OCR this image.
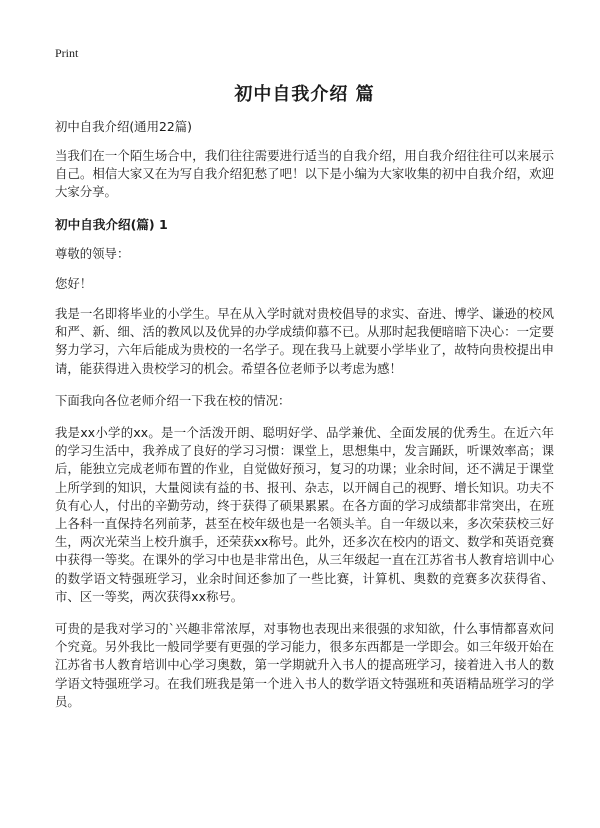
Print
初中自我介绍 篇
初中自我介绍(通用22篇)

当我们在一个陌生场合中，我们往往需要进行适当的自我介绍，用自我介绍往往可以来展示自己。相信大家又在为写自我介绍犯愁了吧！以下是小编为大家收集的初中自我介绍，欢迎大家分享。

初中自我介绍(篇) 1

尊敬的领导：

您好！

我是一名即将毕业的小学生。早在从入学时就对贵校倡导的求实、奋进、博学、谦逊的校风和严、新、细、活的教风以及优异的办学成绩仰慕不已。从那时起我便暗暗下决心：一定要努力学习，六年后能成为贵校的一名学子。现在我马上就要小学毕业了，故特向贵校提出申请，能获得进入贵校学习的机会。希望各位老师予以考虑为感！

下面我向各位老师介绍一下我在校的情况：

我是xx小学的xx。是一个活泼开朗、聪明好学、品学兼优、全面发展的优秀生。在近六年的学习生活中，我养成了良好的学习习惯：课堂上，思想集中，发言踊跃，听课效率高；课后，能独立完成老师布置的作业，自觉做好预习，复习的功课；业余时间，还不满足于课堂上所学到的知识，大量阅读有益的书、报刊、杂志，以开阔自己的视野、增长知识。功夫不负有心人，付出的辛勤劳动，终于获得了硕果累累。在各方面的学习成绩都非常突出，在班上各科一直保持名列前茅，甚至在校年级也是一名领头羊。自一年级以来，多次荣获校三好生，两次光荣当上校升旗手，还荣获xx称号。此外，还多次在校内的语文、数学和英语竞赛中获得一等奖。在课外的学习中也是非常出色，从三年级起一直在江苏省书人教育培训中心的数学语文特强班学习，业余时间还参加了一些比赛，计算机、奥数的竞赛多次获得省、市、区一等奖，两次获得xx称号。

可贵的是我对学习的`兴趣非常浓厚，对事物也表现出来很强的求知欲，什么事情都喜欢问个究竟。另外我比一般同学要有更强的学习能力，很多东西都是一学即会。如三年级开始在江苏省书人教育培训中心学习奥数，第一学期就升入书人的提高班学习，接着进入书人的数学语文特强班学习。在我们班我是第一个进入书人的数学语文特强班和英语精品班学习的学员。
